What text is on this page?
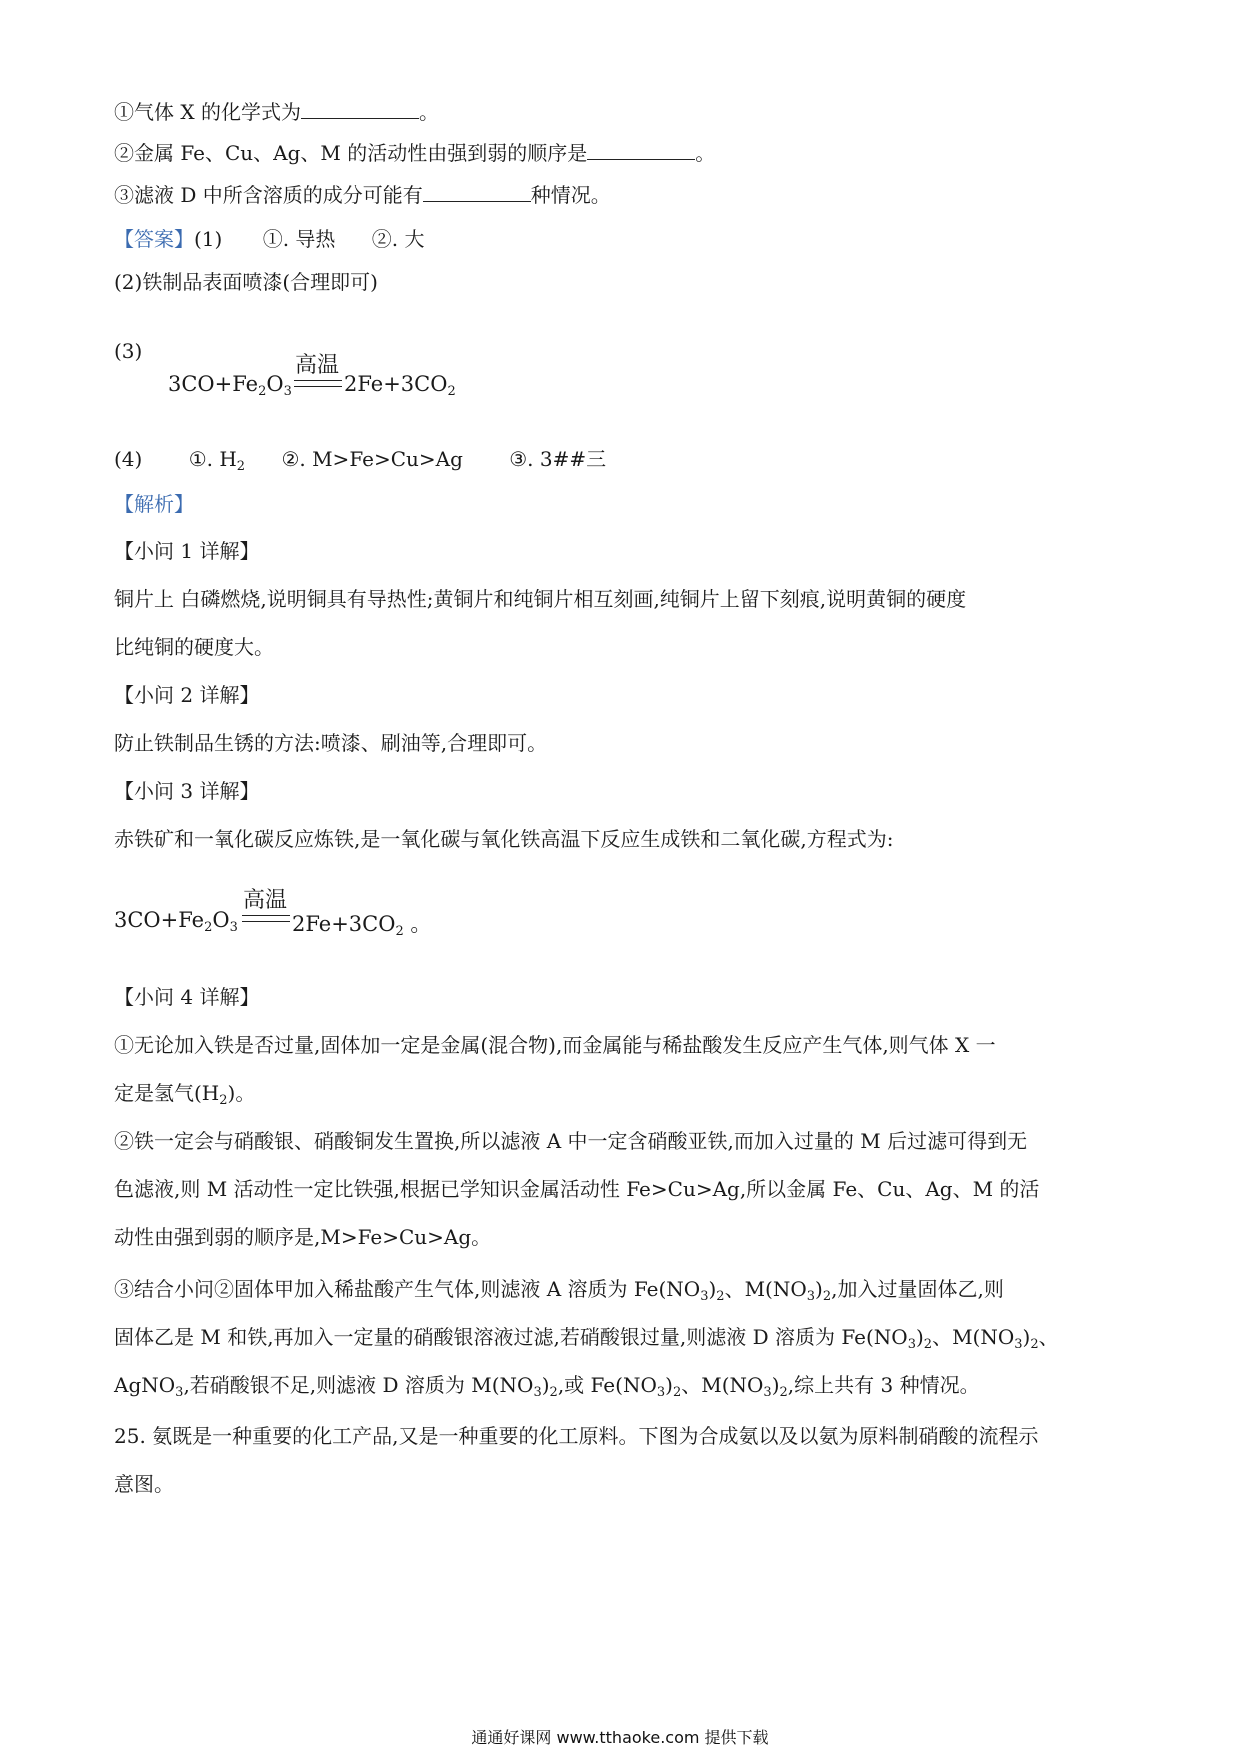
①气体 X 的化学式为	。
②金属 Fe、Cu、Ag、M 的活动性由强到弱的顺序是	。
③滤液 D 中所含溶质的成分可能有	种情况。
【答案】(1) ①. 导热 ②. 大
(2)铁制品表面喷漆(合理即可)
(3)
$3CO+Fe_2O_3$
高温
$2Fe+3CO_2$
(4) ①. $H_2$ ②. M>Fe>Cu>Ag ③. 3##三
【解析】
【小问 1 详解】
铜片上 白磷燃烧,说明铜具有导热性;黄铜片和纯铜片相互刻画,纯铜片上留下刻痕,说明黄铜的硬度
比纯铜的硬度大。
【小问 2 详解】
防止铁制品生锈的方法:喷漆、刷油等,合理即可。
【小问 3 详解】
赤铁矿和一氧化碳反应炼铁,是一氧化碳与氧化铁高温下反应生成铁和二氧化碳,方程式为:
$3CO+Fe_2O_3$
高温
$2Fe+3CO_2$ 。
【小问 4 详解】
①无论加入铁是否过量,固体加一定是金属(混合物),而金属能与稀盐酸发生反应产生气体,则气体 X 一
定是氢气$(H_2)$。
②铁一定会与硝酸银、硝酸铜发生置换,所以滤液 A 中一定含硝酸亚铁,而加入过量的 M 后过滤可得到无
色滤液,则 M 活动性一定比铁强,根据已学知识金属活动性 Fe>Cu>Ag,所以金属 Fe、Cu、Ag、M 的活
动性由强到弱的顺序是,M>Fe>Cu>Ag。
③结合小问②固体甲加入稀盐酸产生气体,则滤液 A 溶质为 $Fe(NO_3)_2$、$M(NO_3)_2$,加入过量固体乙,则
固体乙是 M 和铁,再加入一定量的硝酸银溶液过滤,若硝酸银过量,则滤液 D 溶质为 $Fe(NO_3)_2$、$M(NO_3)_2$、
AgNO$_3$,若硝酸银不足,则滤液 D 溶质为 $M(NO_3)_2$,或 $Fe(NO_3)_2$、$M(NO_3)_2$,综上共有 3 种情况。
25. 氨既是一种重要的化工产品,又是一种重要的化工原料。下图为合成氨以及以氨为原料制硝酸的流程示
意图。
通通好课网 www.tthaoke.com 提供下载
